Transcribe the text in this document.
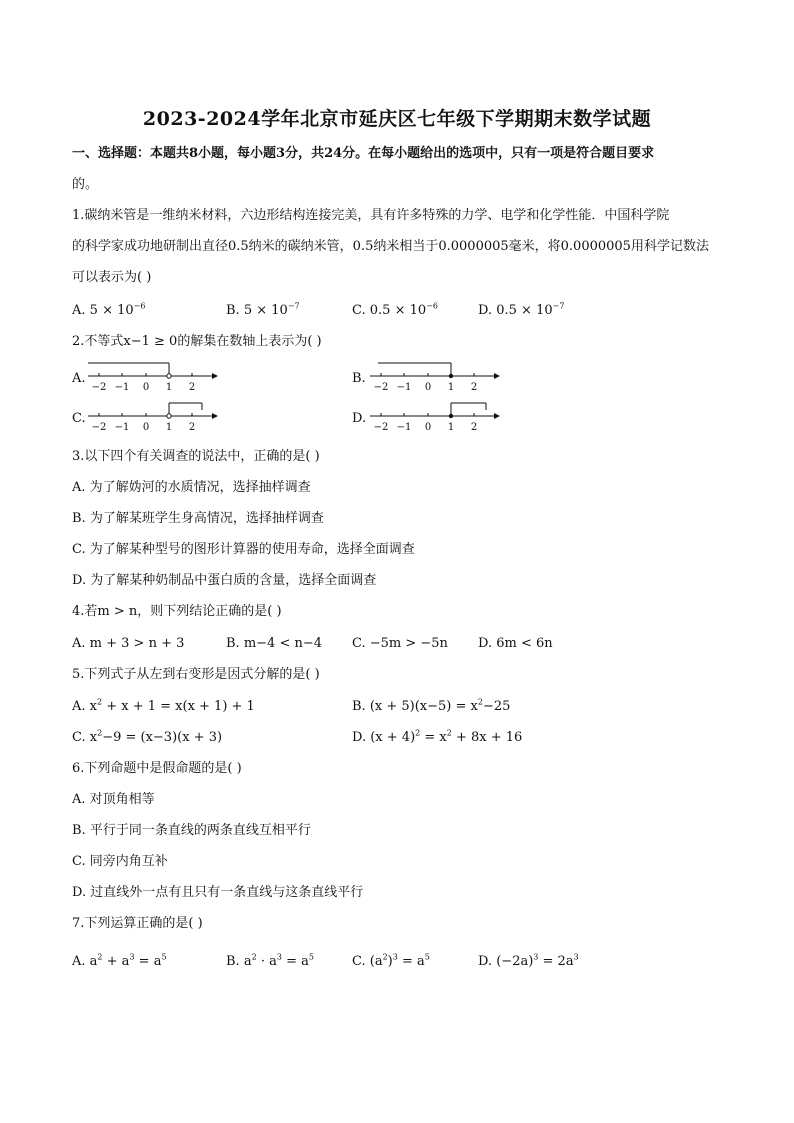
2023-2024学年北京市延庆区七年级下学期期末数学试题
一、选择题：本题共8小题，每小题3分，共24分。在每小题给出的选项中，只有一项是符合题目要求
的。
1.碳纳米管是一维纳米材料，六边形结构连接完美，具有许多特殊的力学、电学和化学性能．中国科学院
的科学家成功地研制出直径0.5纳米的碳纳米管，0.5纳米相当于0.0000005毫米，将0.0000005用科学记数法
可以表示为( )
A. $5 \times 10^{-6}$	B. $5 \times 10^{-7}$	C. $0.5 \times 10^{-6}$	D. $0.5 \times 10^{-7}$
2.不等式x−1 ≥ 0的解集在数轴上表示为( )
A.	B.
C.	D.
−2 −1 0 1 2	−2 −1 0 1 2
−2 −1 0 1 2	−2 −1 0 1 2
3.以下四个有关调查的说法中，正确的是( )
A. 为了解妫河的水质情况，选择抽样调查
B. 为了解某班学生身高情况，选择抽样调查
C. 为了解某种型号的图形计算器的使用寿命，选择全面调查
D. 为了解某种奶制品中蛋白质的含量，选择全面调查
4.若m > n，则下列结论正确的是( )
A. m + 3 > n + 3	B. m−4 < n−4 C. −5m > −5n D. 6m < 6n
5.下列式子从左到右变形是因式分解的是( )
A. $x^2 + x + 1 = x(x + 1) + 1$	B. $(x + 5)(x-5) = x^2-25$
C. $x^2-9 = (x-3)(x + 3)$	D. $(x + 4)^2 = x^2 + 8x + 16$
6.下列命题中是假命题的是( )
A. 对顶角相等
B. 平行于同一条直线的两条直线互相平行
C. 同旁内角互补
D. 过直线外一点有且只有一条直线与这条直线平行
7.下列运算正确的是( )
A. $a^2 + a^3 = a^5$	B. $a^2 \cdot a^3 = a^5$	C. $(a^2)^3 = a^5$	D. $(-2a)^3 = 2a^3$
